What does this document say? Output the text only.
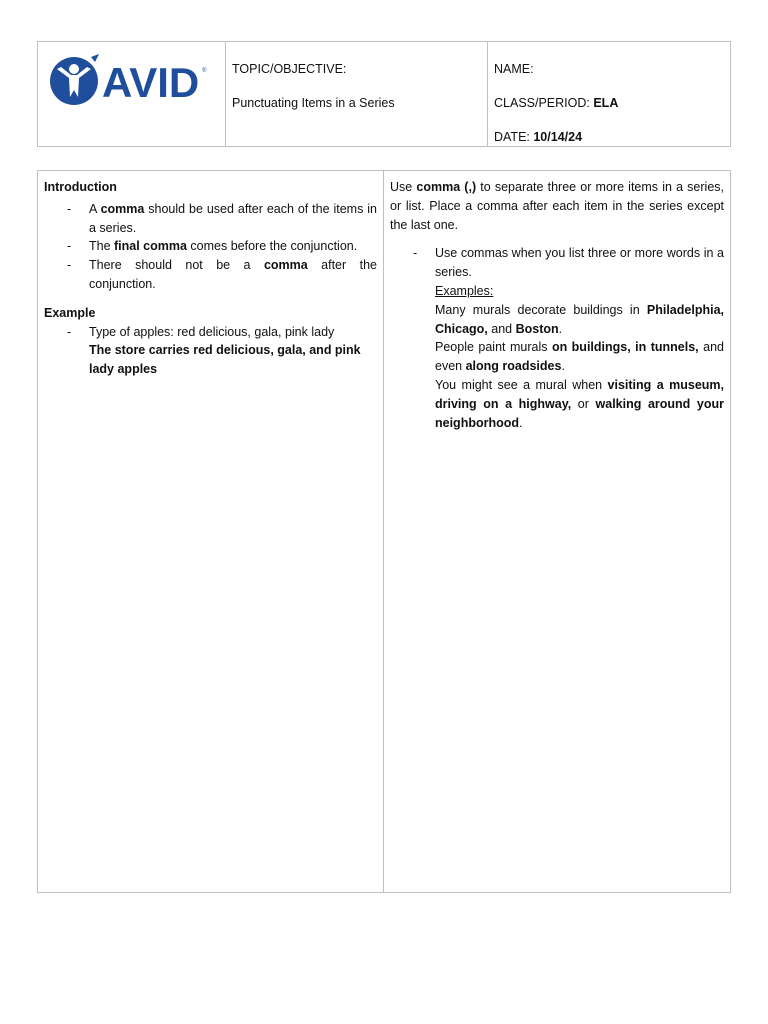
AVID ® TOPIC/OBJECTIVE:

Punctuating Items in a Series

NAME:

CLASS/PERIOD: ELA

DATE: 10/14/24

Introduction

- A comma should be used after each of the items in a series.
- The final comma comes before the conjunction.
- There should not be a comma after the conjunction.

Example

- Type of apples: red delicious, gala, pink lady
The store carries red delicious, gala, and pink lady apples

Use comma (,) to separate three or more items in a series, or list. Place a comma after each item in the series except the last one.

- Use commas when you list three or more words in a series.
Examples:
Many murals decorate buildings in Philadelphia, Chicago, and Boston.
People paint murals on buildings, in tunnels, and even along roadsides.
You might see a mural when visiting a museum, driving on a highway, or walking around your neighborhood.
